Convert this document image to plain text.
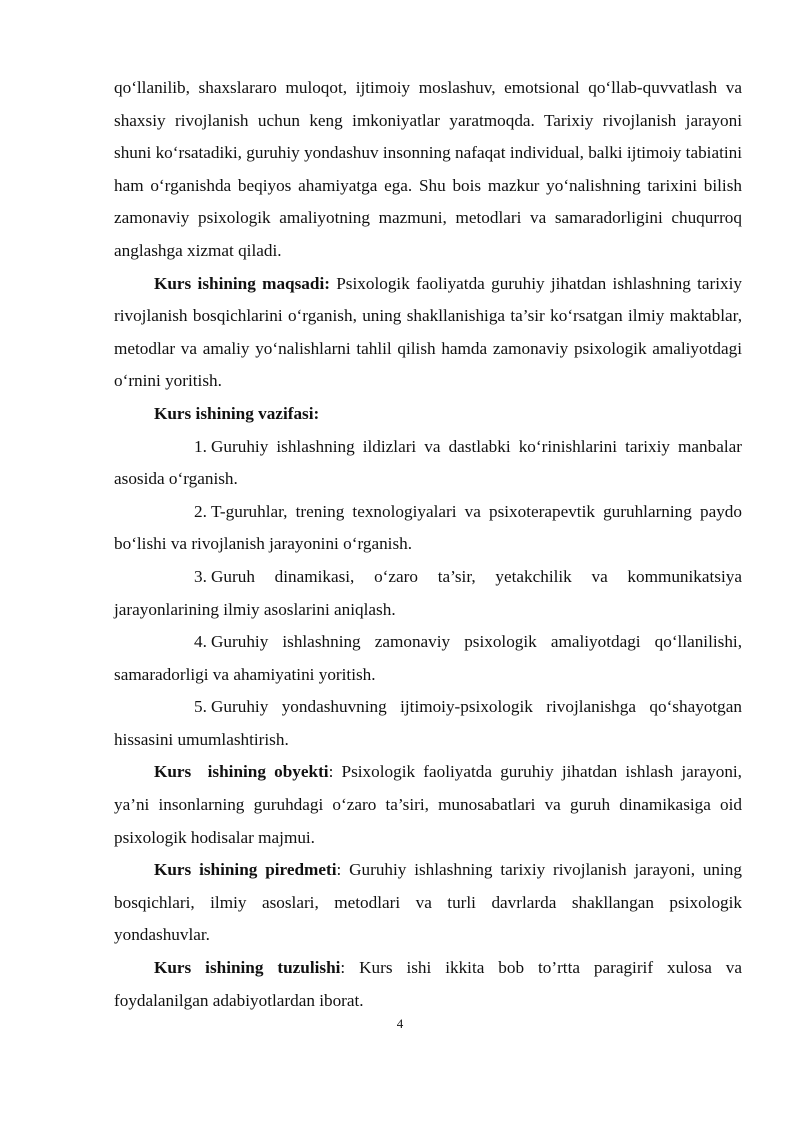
qo‘llanilib, shaxslararo muloqot, ijtimoiy moslashuv, emotsional qo‘llab-quvvatlash va shaxsiy rivojlanish uchun keng imkoniyatlar yaratmoqda. Tarixiy rivojlanish jarayoni shuni ko‘rsatadiki, guruhiy yondashuv insonning nafaqat individual, balki ijtimoiy tabiatini ham o‘rganishda beqiyos ahamiyatga ega. Shu bois mazkur yo‘nalishning tarixini bilish zamonaviy psixologik amaliyotning mazmuni, metodlari va samaradorligini chuqurroq anglashga xizmat qiladi.

Kurs ishining maqsadi: Psixologik faoliyatda guruhiy jihatdan ishlashning tarixiy rivojlanish bosqichlarini o‘rganish, uning shakllanishiga ta’sir ko‘rsatgan ilmiy maktablar, metodlar va amaliy yo‘nalishlarni tahlil qilish hamda zamonaviy psixologik amaliyotdagi o‘rnini yoritish.

Kurs ishining vazifasi:

1. Guruhiy ishlashning ildizlari va dastlabki ko‘rinishlarini tarixiy manbalar asosida o‘rganish.

2. T-guruhlar, trening texnologiyalari va psixoterapevtik guruhlarning paydo bo‘lishi va rivojlanish jarayonini o‘rganish.

3. Guruh dinamikasi, o‘zaro ta’sir, yetakchilik va kommunikatsiya jarayonlarining ilmiy asoslarini aniqlash.

4. Guruhiy ishlashning zamonaviy psixologik amaliyotdagi qo‘llanilishi, samaradorligi va ahamiyatini yoritish.

5. Guruhiy yondashuvning ijtimoiy-psixologik rivojlanishga qo‘shayotgan hissasini umumlashtirish.

Kurs  ishining obyekti: Psixologik faoliyatda guruhiy jihatdan ishlash jarayoni, ya’ni insonlarning guruhdagi o‘zaro ta’siri, munosabatlari va guruh dinamikasiga oid psixologik hodisalar majmui.

Kurs ishining piredmeti: Guruhiy ishlashning tarixiy rivojlanish jarayoni, uning bosqichlari, ilmiy asoslari, metodlari va turli davrlarda shakllangan psixologik yondashuvlar.

Kurs ishining tuzulishi: Kurs ishi ikkita bob to’rtta paragirif xulosa va foydalanilgan adabiyotlardan iborat.

4
